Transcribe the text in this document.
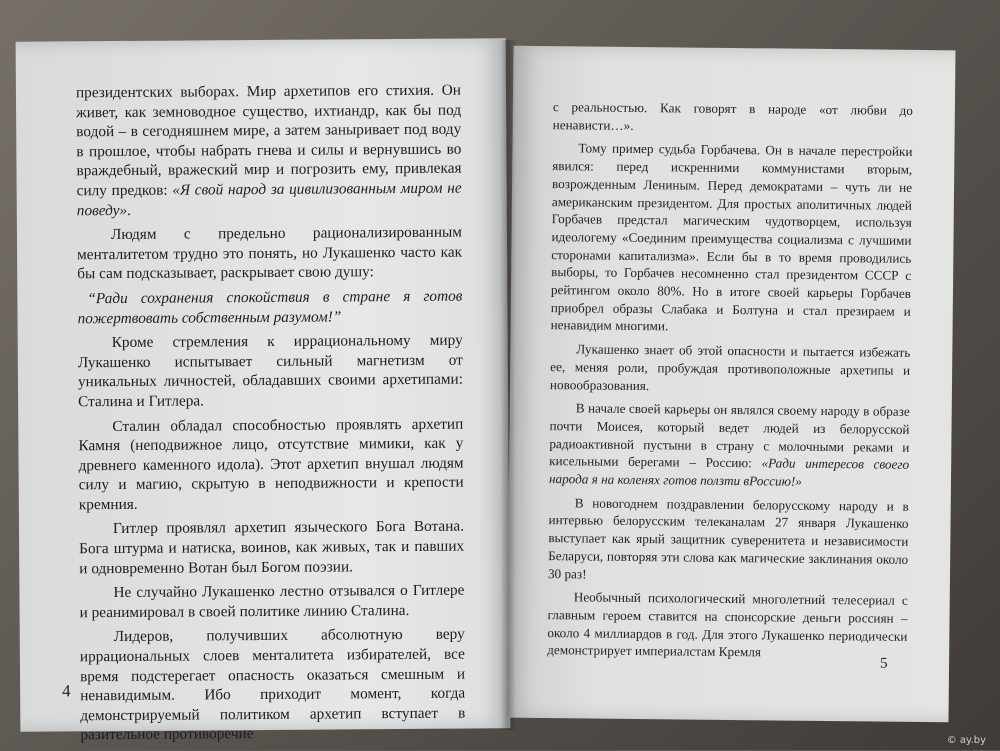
президентских выборах. Мир архетипов его стихия. Он живет, как земноводное существо, ихтиандр, как бы под водой – в сегодняшнем мире, а затем заныривает под воду в прошлое, чтобы набрать гнева и силы и вернувшись во враждебный, вражеский мир и погрозить ему, привлекая силу предков: «Я свой народ за цивилизованным миром не поведу».

Людям с предельно рационализированным менталитетом трудно это понять, но Лукашенко часто как бы сам подсказывает, раскрывает свою душу:

“Ради сохранения спокойствия в стране я готов пожертвовать собственным разумом!”

Кроме стремления к иррациональному миру Лукашенко испытывает сильный магнетизм от уникальных личностей, обладавших своими архетипами: Сталина и Гитлера.

Сталин обладал способностью проявлять архетип Камня (неподвижное лицо, отсутствие мимики, как у древнего каменного идола). Этот архетип внушал людям силу и магию, скрытую в неподвижности и крепости кремния.

Гитлер проявлял архетип языческого Бога Вотана. Бога штурма и натиска, воинов, как живых, так и павших и одновременно Вотан был Богом поэзии.

Не случайно Лукашенко лестно отзывался о Гитлере и реанимировал в своей политике линию Сталина.

Лидеров, получивших абсолютную веру иррациональных слоев менталитета избирателей, все время подстерегает опасность оказаться смешным и ненавидимым. Ибо приходит момент, когда демонстрируемый политиком архетип вступает в разительное противоречие

4

с реальностью. Как говорят в народе «от любви до ненависти…».

Тому пример судьба Горбачева. Он в начале перестройки явился: перед искренними коммунистами вторым, возрожденным Лениным. Перед демократами – чуть ли не американским президентом. Для простых аполитичных людей Горбачев предстал магическим чудотворцем, используя идеологему «Соединим преимущества социализма с лучшими сторонами капитализма». Если бы в то время проводились выборы, то Горбачев несомненно стал президентом СССР с рейтингом около 80%. Но в итоге своей карьеры Горбачев приобрел образы Слабака и Болтуна и стал презираем и ненавидим многими.

Лукашенко знает об этой опасности и пытается избежать ее, меняя роли, пробуждая противоположные архетипы и новообразования.

В начале своей карьеры он являлся своему народу в образе почти Моисея, который ведет людей из белорусской радиоактивной пустыни в страну с молочными реками и кисельными берегами – Россию: «Ради интересов своего народа я на коленях готов ползти вРоссию!»

В новогоднем поздравлении белорусскому народу и в интервью белорусским телеканалам 27 января Лукашенко выступает как ярый защитник суверенитета и независимости Беларуси, повторяя эти слова как магические заклинания около 30 раз!

Необычный психологический многолетний телесериал с главным героем ставится на спонсорские деньги россиян – около 4 миллиардов в год. Для этого Лукашенко периодически демонстрирует империалстам Кремля

5
© ay.by
